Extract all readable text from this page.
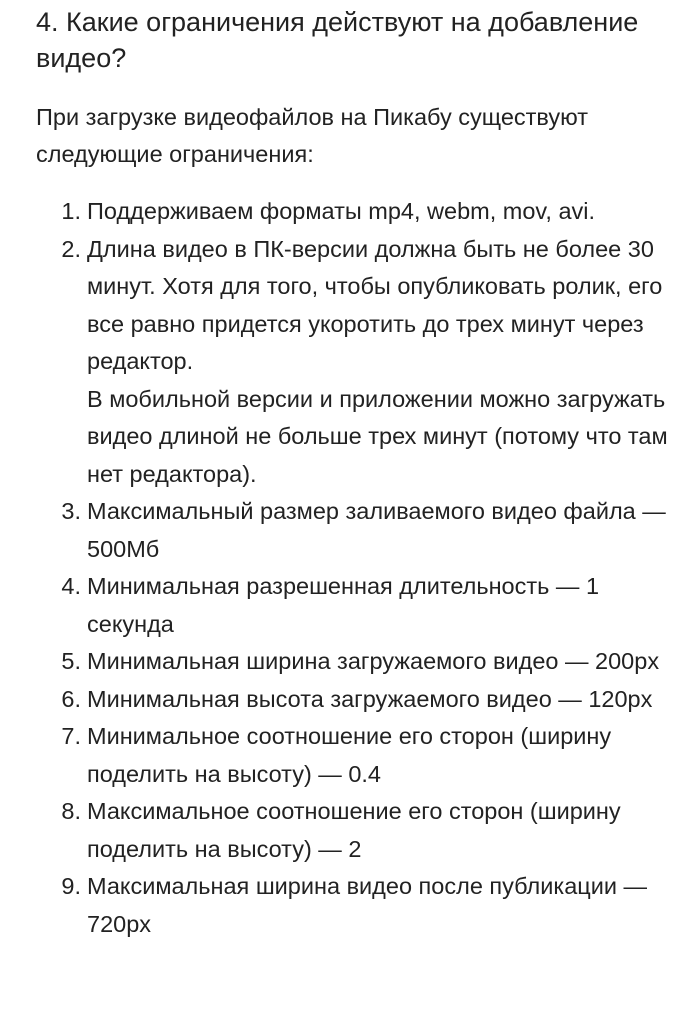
4. Какие ограничения действуют на добавление видео?

При загрузке видеофайлов на Пикабу существуют следующие ограничения:

1. Поддерживаем форматы mp4, webm, mov, avi.
2. Длина видео в ПК-версии должна быть не более 30 минут. Хотя для того, чтобы опубликовать ролик, его все равно придется укоротить до трех минут через редактор.
В мобильной версии и приложении можно загружать видео длиной не больше трех минут (потому что там нет редактора).
3. Максимальный размер заливаемого видео файла — 500Мб
4. Минимальная разрешенная длительность — 1 секунда
5. Минимальная ширина загружаемого видео — 200px
6. Минимальная высота загружаемого видео — 120px
7. Минимальное соотношение его сторон (ширину поделить на высоту) — 0.4
8. Максимальное соотношение его сторон (ширину поделить на высоту) — 2
9. Максимальная ширина видео после публикации — 720px
